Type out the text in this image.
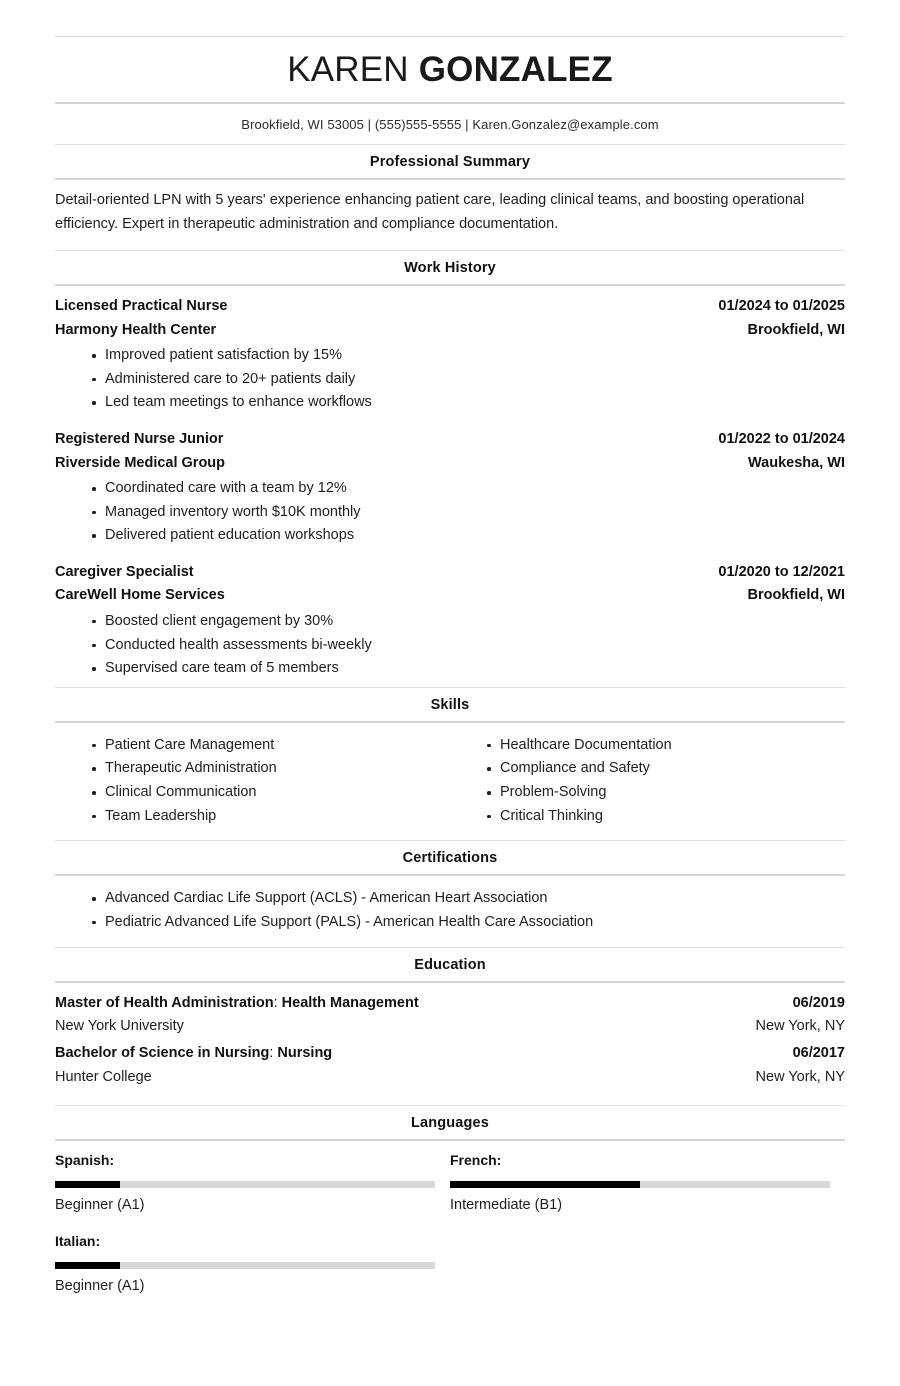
KAREN GONZALEZ
Brookfield, WI 53005 | (555)555-5555 | Karen.Gonzalez@example.com
Professional Summary
Detail-oriented LPN with 5 years' experience enhancing patient care, leading clinical teams, and boosting operational efficiency. Expert in therapeutic administration and compliance documentation.
Work History
Licensed Practical Nurse	01/2024 to 01/2025
Harmony Health Center	Brookfield, WI
Improved patient satisfaction by 15%
Administered care to 20+ patients daily
Led team meetings to enhance workflows
Registered Nurse Junior	01/2022 to 01/2024
Riverside Medical Group	Waukesha, WI
Coordinated care with a team by 12%
Managed inventory worth $10K monthly
Delivered patient education workshops
Caregiver Specialist	01/2020 to 12/2021
CareWell Home Services	Brookfield, WI
Boosted client engagement by 30%
Conducted health assessments bi-weekly
Supervised care team of 5 members
Skills
Patient Care Management
Therapeutic Administration
Clinical Communication
Team Leadership
Healthcare Documentation
Compliance and Safety
Problem-Solving
Critical Thinking
Certifications
Advanced Cardiac Life Support (ACLS) - American Heart Association
Pediatric Advanced Life Support (PALS) - American Health Care Association
Education
Master of Health Administration: Health Management	06/2019
New York University	New York, NY
Bachelor of Science in Nursing: Nursing	06/2017
Hunter College	New York, NY
Languages
Spanish:
Beginner (A1)
French:
Intermediate (B1)
Italian:
Beginner (A1)
